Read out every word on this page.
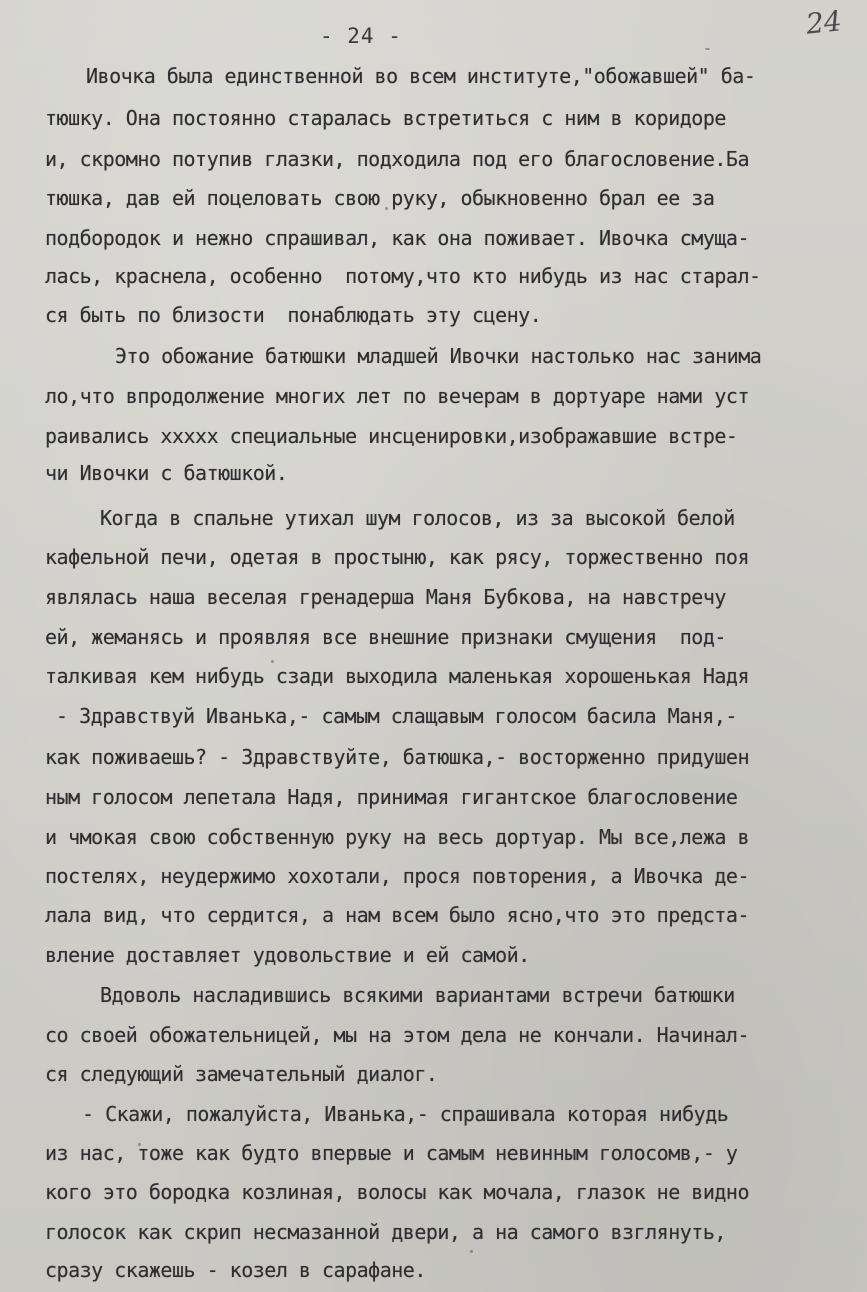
- 24 -	24
Ивочка была единственной во всем институте,"обожавшей" ба-
тюшку. Она постоянно старалась встретиться с ним в коридоре
и, скромно потупив глазки, подходила под его благословение.Ба
тюшка, дав ей поцеловать свою руку, обыкновенно брал ее за
подбородок и нежно спрашивал, как она поживает. Ивочка смуща-
лась, краснела, особенно  потому,что кто нибудь из нас старал-
ся быть по близости  понаблюдать эту сцену.
Это обожание батюшки младшей Ивочки настолько нас занима
ло,что впродолжение многих лет по вечерам в дортуаре нами уст
раивались ххххх специальные инсценировки,изображавшие встре-
чи Ивочки с батюшкой.
Когда в спальне утихал шум голосов, из за высокой белой
кафельной печи, одетая в простыню, как рясу, торжественно поя
являлась наша веселая гренадерша Маня Бубкова, на навстречу
ей, жеманясь и проявляя все внешние признаки смущения  под-
талкивая кем нибудь сзади выходила маленькая хорошенькая Надя
- Здравствуй Иванька,- самым слащавым голосом басила Маня,-
как поживаешь? - Здравствуйте, батюшка,- восторженно придушен
ным голосом лепетала Надя, принимая гигантское благословение
и чмокая свою собственную руку на весь дортуар. Мы все,лежа в
постелях, неудержимо хохотали, прося повторения, а Ивочка де-
лала вид, что сердится, а нам всем было ясно,что это предста-
вление доставляет удовольствие и ей самой.
Вдоволь насладившись всякими вариантами встречи батюшки
со своей обожательницей, мы на этом дела не кончали. Начинал-
ся следующий замечательный диалог.
- Скажи, пожалуйста, Иванька,- спрашивала которая нибудь
из нас, тоже как будто впервые и самым невинным голосомв,- у
кого это бородка козлиная, волосы как мочала, глазок не видно
голосок как скрип несмазанной двери, а на самого взглянуть,
сразу скажешь - козел в сарафане.
